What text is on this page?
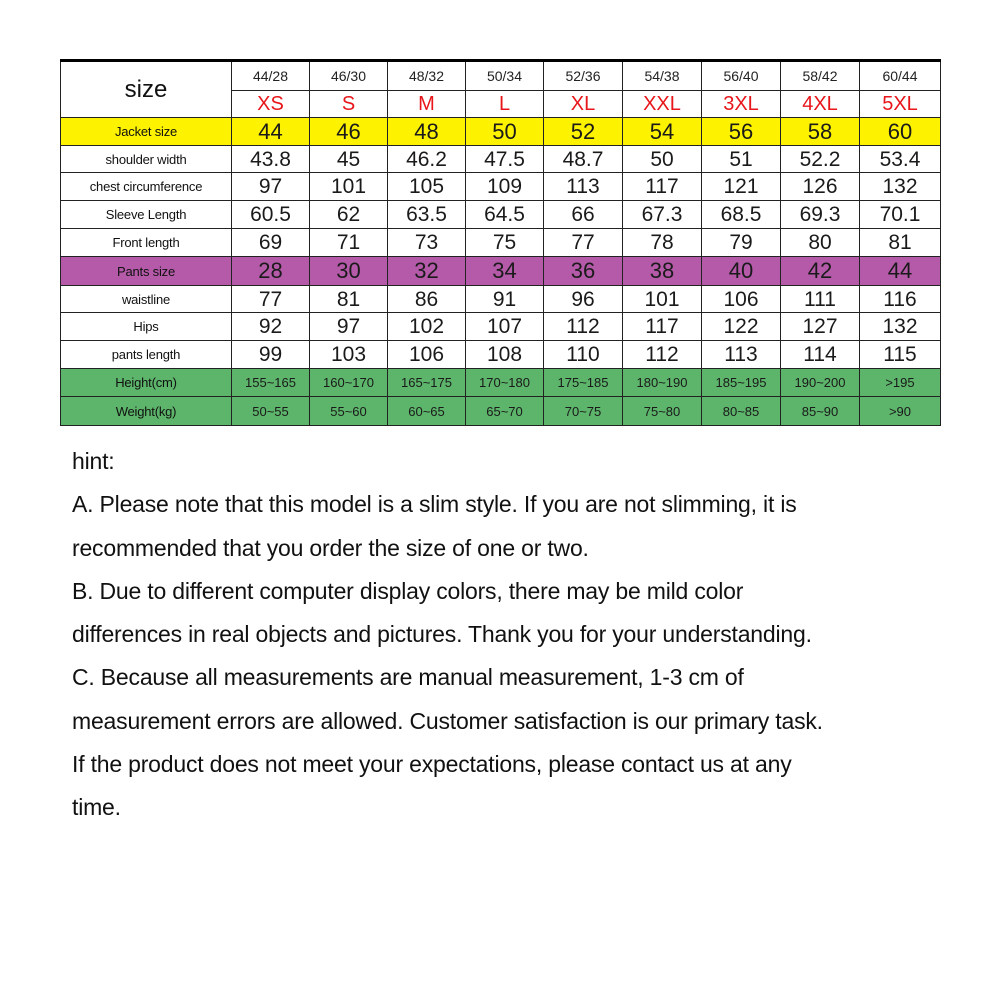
size	44/28	46/30	48/32	50/34	52/36	54/38	56/40	58/42	60/44
	XS	S	M	L	XL	XXL	3XL	4XL	5XL
Jacket size	44	46	48	50	52	54	56	58	60
shoulder width	43.8	45	46.2	47.5	48.7	50	51	52.2	53.4
chest circumference	97	101	105	109	113	117	121	126	132
Sleeve Length	60.5	62	63.5	64.5	66	67.3	68.5	69.3	70.1
Front length	69	71	73	75	77	78	79	80	81
Pants size	28	30	32	34	36	38	40	42	44
waistline	77	81	86	91	96	101	106	111	116
Hips	92	97	102	107	112	117	122	127	132
pants length	99	103	106	108	110	112	113	114	115
Height(cm)	155~165	160~170	165~175	170~180	175~185	180~190	185~195	190~200	>195
Weight(kg)	50~55	55~60	60~65	65~70	70~75	75~80	80~85	85~90	>90

hint:

A. Please note that this model is a slim style. If you are not slimming, it is

recommended that you order the size of one or two.

B. Due to different computer display colors, there may be mild color

differences in real objects and pictures. Thank you for your understanding.

C. Because all measurements are manual measurement, 1-3 cm of

measurement errors are allowed. Customer satisfaction is our primary task.

If the product does not meet your expectations, please contact us at any

time.
